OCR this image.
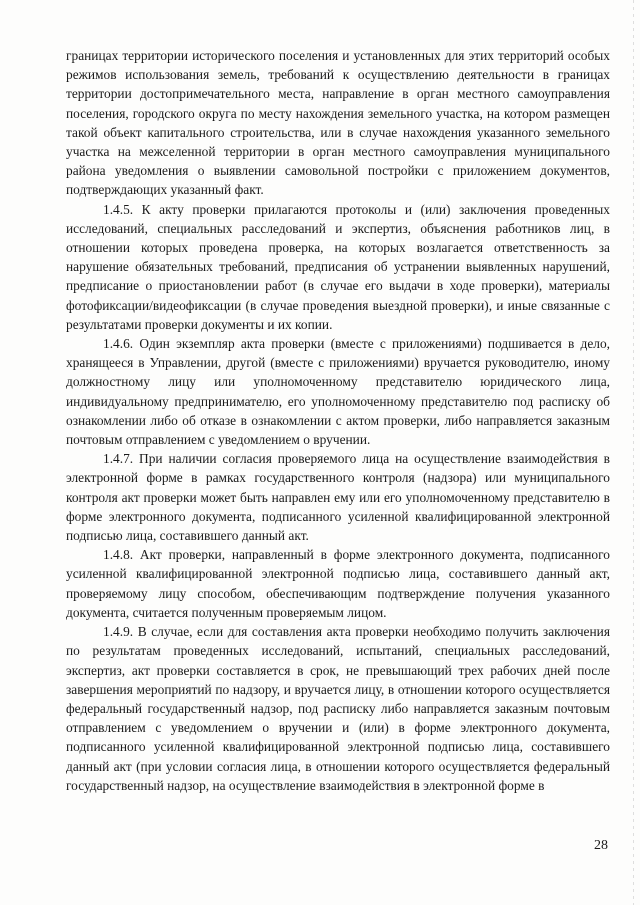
границах территории исторического поселения и установленных для этих территорий особых режимов использования земель, требований к осуществлению деятельности в границах территории достопримечательного места, направление в орган местного самоуправления поселения, городского округа по месту нахождения земельного участка, на котором размещен такой объект капитального строительства, или в случае нахождения указанного земельного участка на межселенной территории в орган местного самоуправления муниципального района уведомления о выявлении самовольной постройки с приложением документов, подтверждающих указанный факт.

1.4.5. К акту проверки прилагаются протоколы и (или) заключения проведенных исследований, специальных расследований и экспертиз, объяснения работников лиц, в отношении которых проведена проверка, на которых возлагается ответственность за нарушение обязательных требований, предписания об устранении выявленных нарушений, предписание о приостановлении работ (в случае его выдачи в ходе проверки), материалы фотофиксации/видеофиксации (в случае проведения выездной проверки), и иные связанные с результатами проверки документы и их копии.

1.4.6. Один экземпляр акта проверки (вместе с приложениями) подшивается в дело, хранящееся в Управлении, другой (вместе с приложениями) вручается руководителю, иному должностному лицу или уполномоченному представителю юридического лица, индивидуальному предпринимателю, его уполномоченному представителю под расписку об ознакомлении либо об отказе в ознакомлении с актом проверки, либо направляется заказным почтовым отправлением с уведомлением о вручении.

1.4.7. При наличии согласия проверяемого лица на осуществление взаимодействия в электронной форме в рамках государственного контроля (надзора) или муниципального контроля акт проверки может быть направлен ему или его уполномоченному представителю в форме электронного документа, подписанного усиленной квалифицированной электронной подписью лица, составившего данный акт.

1.4.8. Акт проверки, направленный в форме электронного документа, подписанного усиленной квалифицированной электронной подписью лица, составившего данный акт, проверяемому лицу способом, обеспечивающим подтверждение получения указанного документа, считается полученным проверяемым лицом.

1.4.9. В случае, если для составления акта проверки необходимо получить заключения по результатам проведенных исследований, испытаний, специальных расследований, экспертиз, акт проверки составляется в срок, не превышающий трех рабочих дней после завершения мероприятий по надзору, и вручается лицу, в отношении которого осуществляется федеральный государственный надзор, под расписку либо направляется заказным почтовым отправлением с уведомлением о вручении и (или) в форме электронного документа, подписанного усиленной квалифицированной электронной подписью лица, составившего данный акт (при условии согласия лица, в отношении которого осуществляется федеральный государственный надзор, на осуществление взаимодействия в электронной форме в

28
